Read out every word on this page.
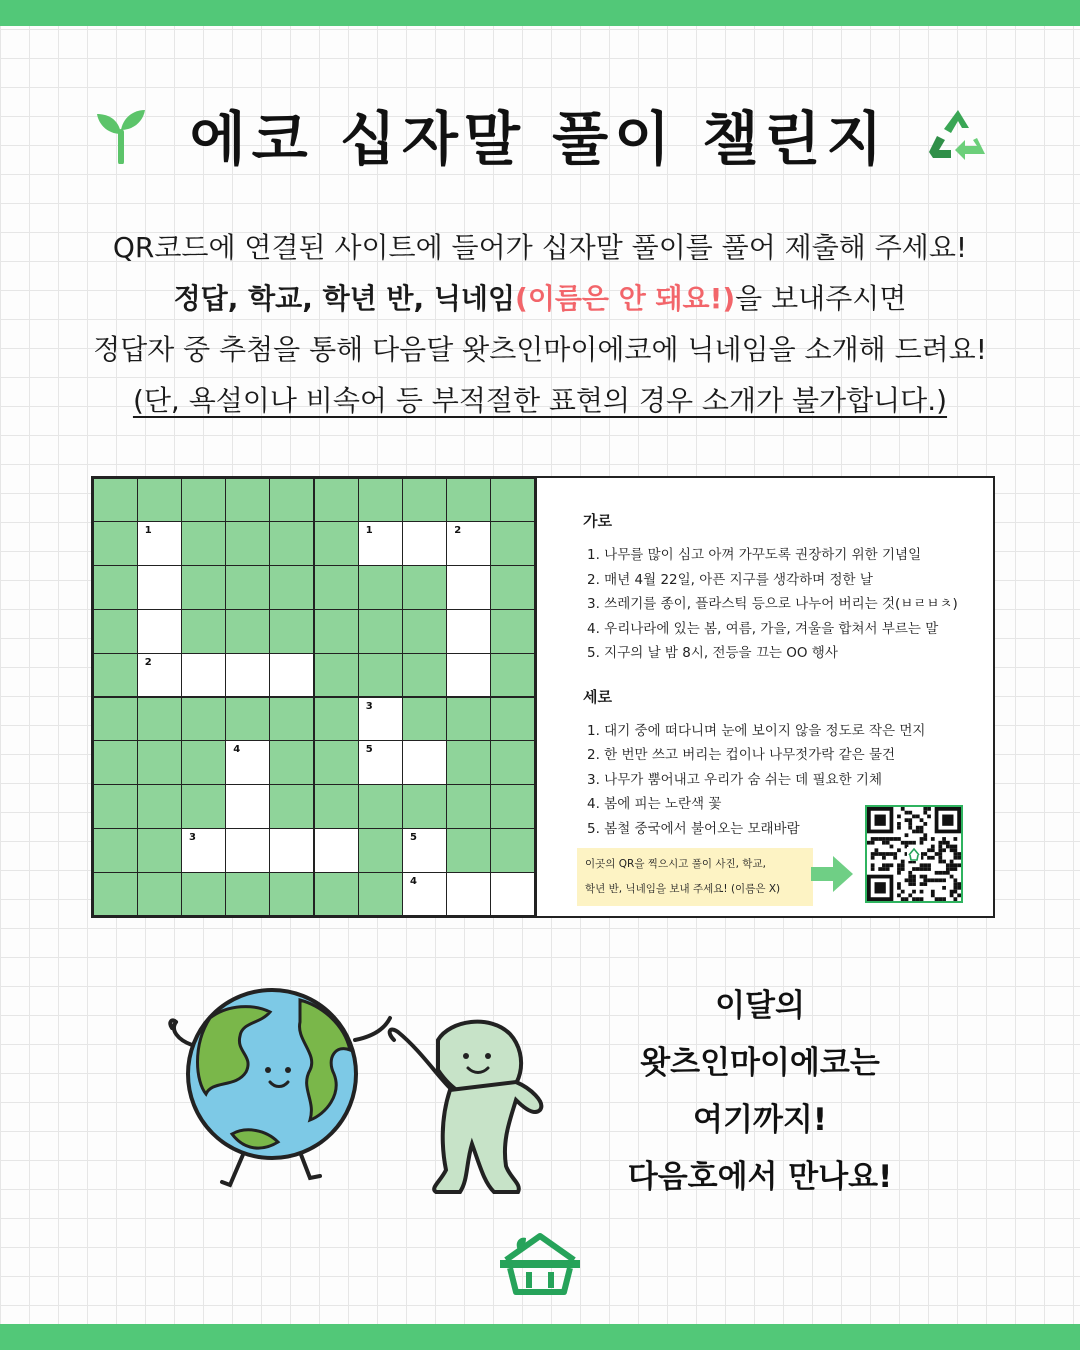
에코 십자말 풀이 챌린지
QR코드에 연결된 사이트에 들어가 십자말 풀이를 풀어 제출해 주세요!
정답, 학교, 학년 반, 닉네임(이름은 안 돼요!)을 보내주시면
정답자 중 추첨을 통해 다음달 왓츠인마이에코에 닉네임을 소개해 드려요!
(단, 욕설이나 비속어 등 부적절한 표현의 경우 소개가 불가합니다.)
1	1	2
2
3
4	5
3	5
4
가로
1. 나무를 많이 심고 아껴 가꾸도록 권장하기 위한 기념일
2. 매년 4월 22일, 아픈 지구를 생각하며 정한 날
3. 쓰레기를 종이, 플라스틱 등으로 나누어 버리는 것(ㅂㄹㅂㅊ)
4. 우리나라에 있는 봄, 여름, 가을, 겨울을 합쳐서 부르는 말
5. 지구의 날 밤 8시, 전등을 끄는 OO 행사
세로
1. 대기 중에 떠다니며 눈에 보이지 않을 정도로 작은 먼지
2. 한 번만 쓰고 버리는 컵이나 나무젓가락 같은 물건
3. 나무가 뿜어내고 우리가 숨 쉬는 데 필요한 기체
4. 봄에 피는 노란색 꽃
5. 봄철 중국에서 불어오는 모래바람
이곳의 QR을 찍으시고 풀이 사진, 학교,
학년 반, 닉네임을 보내 주세요! (이름은 X)
이달의
왓츠인마이에코는
여기까지!
다음호에서 만나요!
